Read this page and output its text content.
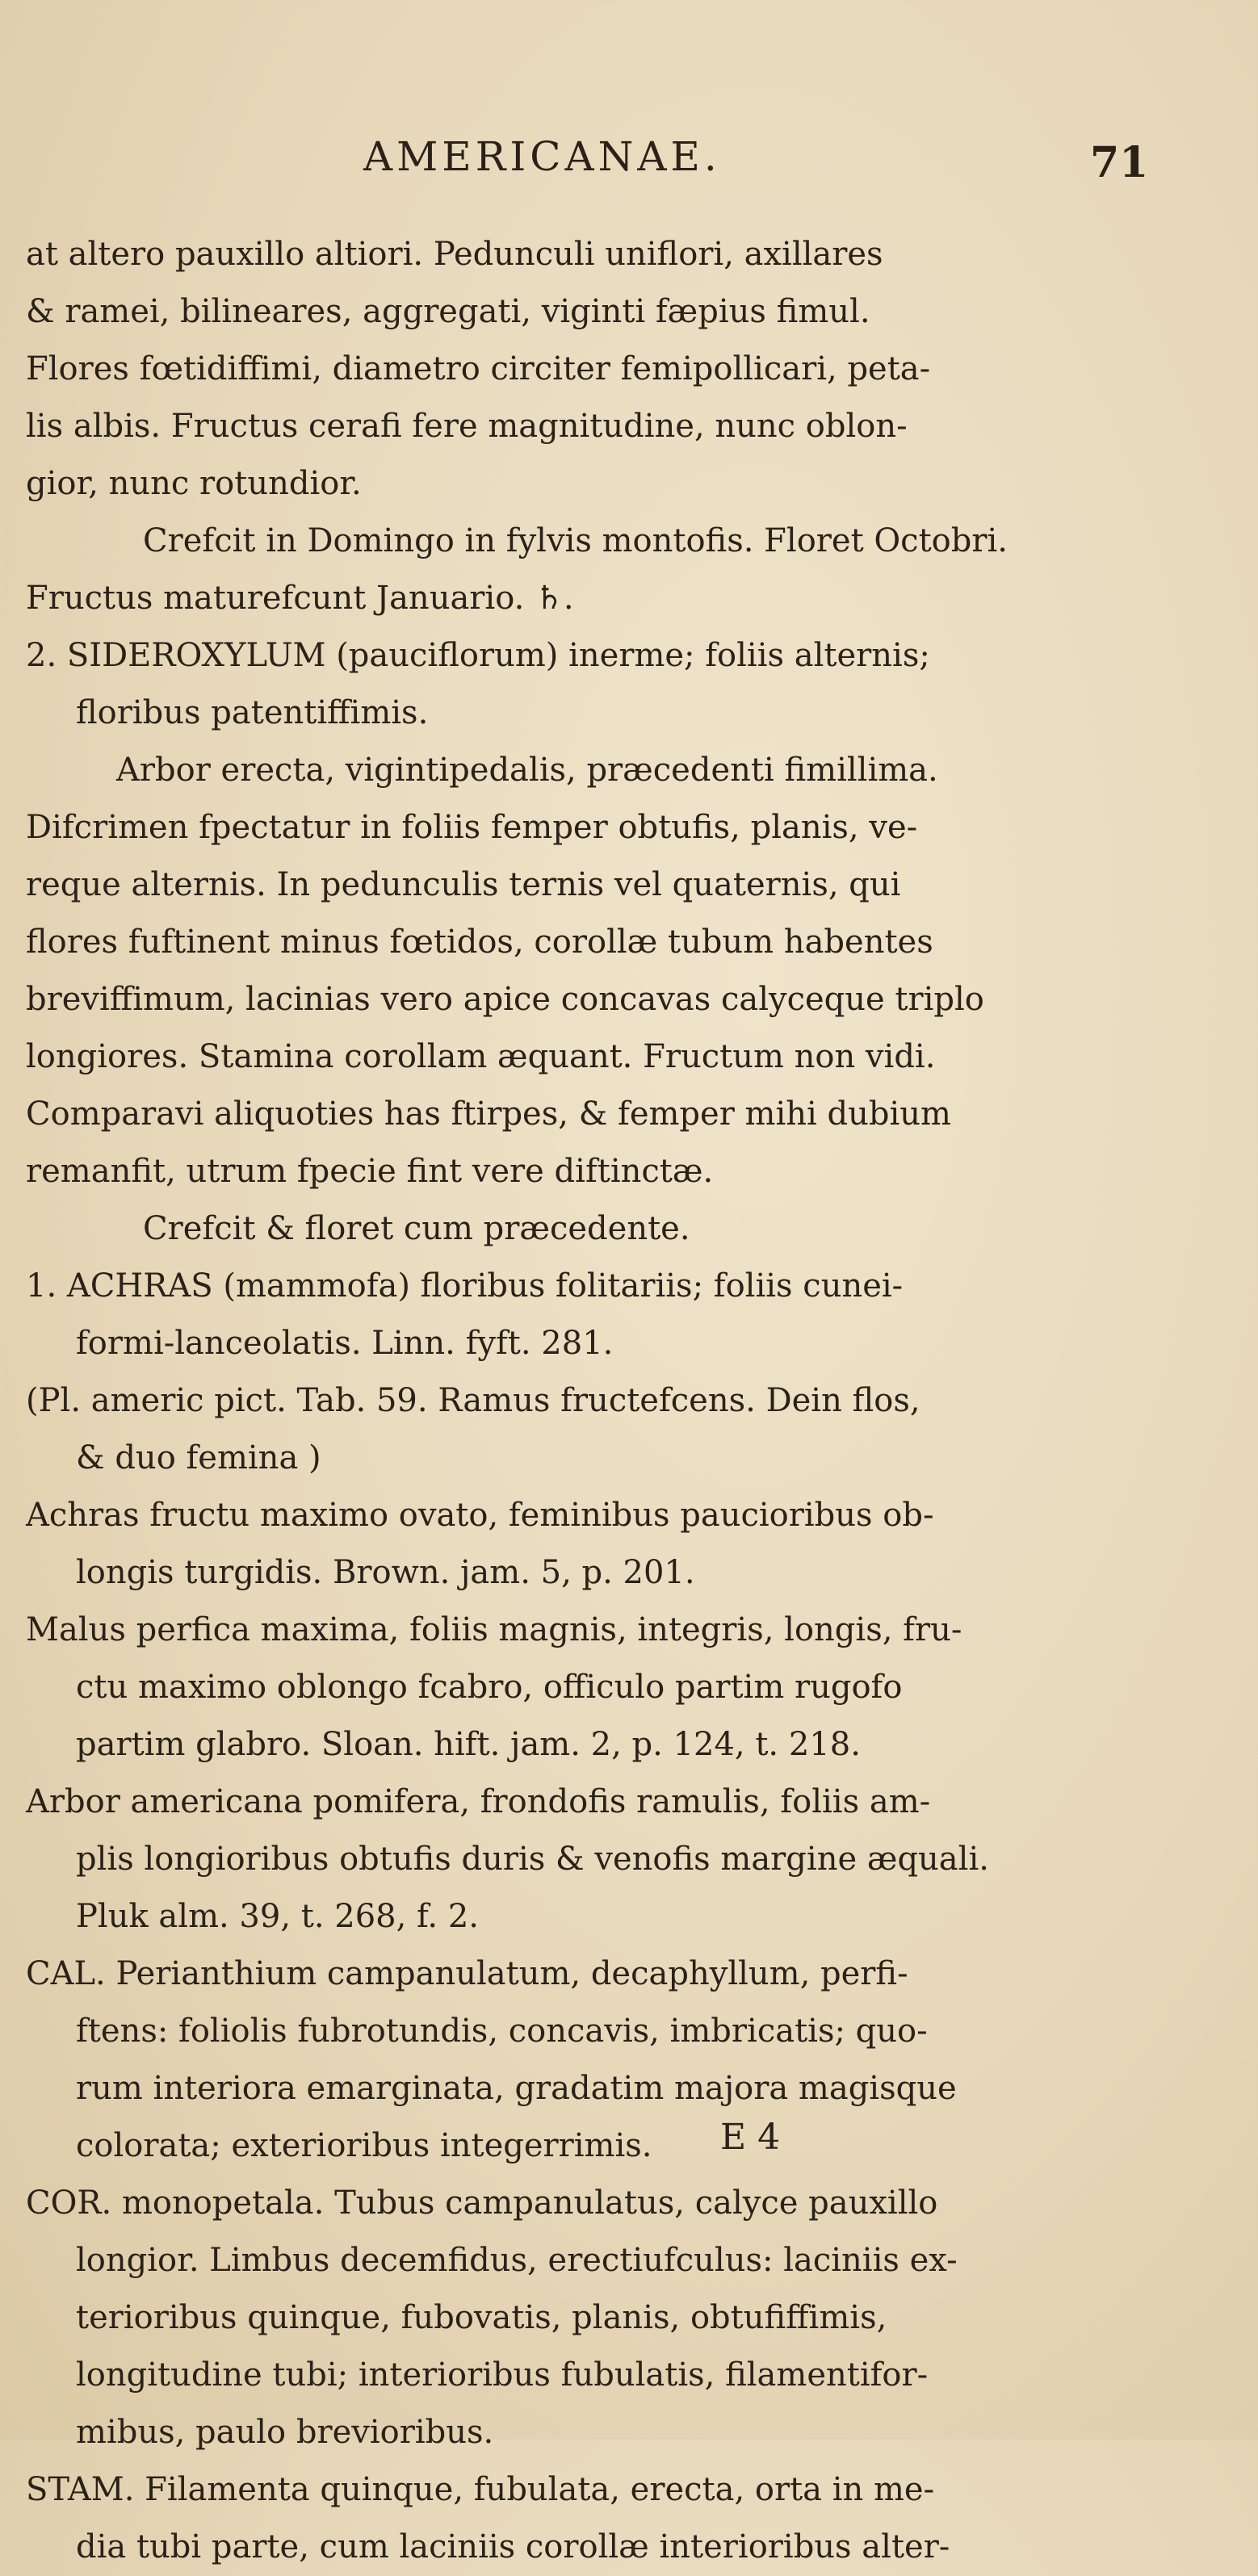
AMERICANAE.	71
at altero pauxillo altiori. Pedunculi uniflori, axillares
& ramei, bilineares, aggregati, viginti fæpius fimul.
Flores fœtidiffimi, diametro circiter femipollicari, peta-
lis albis. Fructus cerafi fere magnitudine, nunc oblon-
gior, nunc rotundior.
Crefcit in Domingo in fylvis montofis. Floret Octobri.
Fructus maturefcunt Januario. ♄.
2. SIDEROXYLUM (pauciflorum) inerme; foliis alternis;
floribus patentiffimis.
Arbor erecta, vigintipedalis, præcedenti fimillima.
Difcrimen fpectatur in foliis femper obtufis, planis, ve-
reque alternis. In pedunculis ternis vel quaternis, qui
flores fuftinent minus fœtidos, corollæ tubum habentes
breviffimum, lacinias vero apice concavas calyceque triplo
longiores. Stamina corollam æquant. Fructum non vidi.
Comparavi aliquoties has ftirpes, & femper mihi dubium
remanfit, utrum fpecie fint vere diftinctæ.
Crefcit & floret cum præcedente.
1. ACHRAS (mammofa) floribus folitariis; foliis cunei-
formi-lanceolatis. Linn. fyft. 281.
(Pl. americ pict. Tab. 59. Ramus fructefcens. Dein flos,
& duo femina )
Achras fructu maximo ovato, feminibus paucioribus ob-
longis turgidis. Brown. jam. 5, p. 201.
Malus perfica maxima, foliis magnis, integris, longis, fru-
ctu maximo oblongo fcabro, officulo partim rugofo
partim glabro. Sloan. hift. jam. 2, p. 124, t. 218.
Arbor americana pomifera, frondofis ramulis, foliis am-
plis longioribus obtufis duris & venofis margine æquali.
Pluk alm. 39, t. 268, f. 2.
CAL. Perianthium campanulatum, decaphyllum, perfi-
ftens: foliolis fubrotundis, concavis, imbricatis; quo-
rum interiora emarginata, gradatim majora magisque
colorata; exterioribus integerrimis.
COR. monopetala. Tubus campanulatus, calyce pauxillo
longior. Limbus decemfidus, erectiufculus: laciniis ex-
terioribus quinque, fubovatis, planis, obtufiffimis,
longitudine tubi; interioribus fubulatis, filamentifor-
mibus, paulo brevioribus.
STAM. Filamenta quinque, fubulata, erecta, orta in me-
dia tubi parte, cum laciniis corollæ interioribus alter-
E 4
